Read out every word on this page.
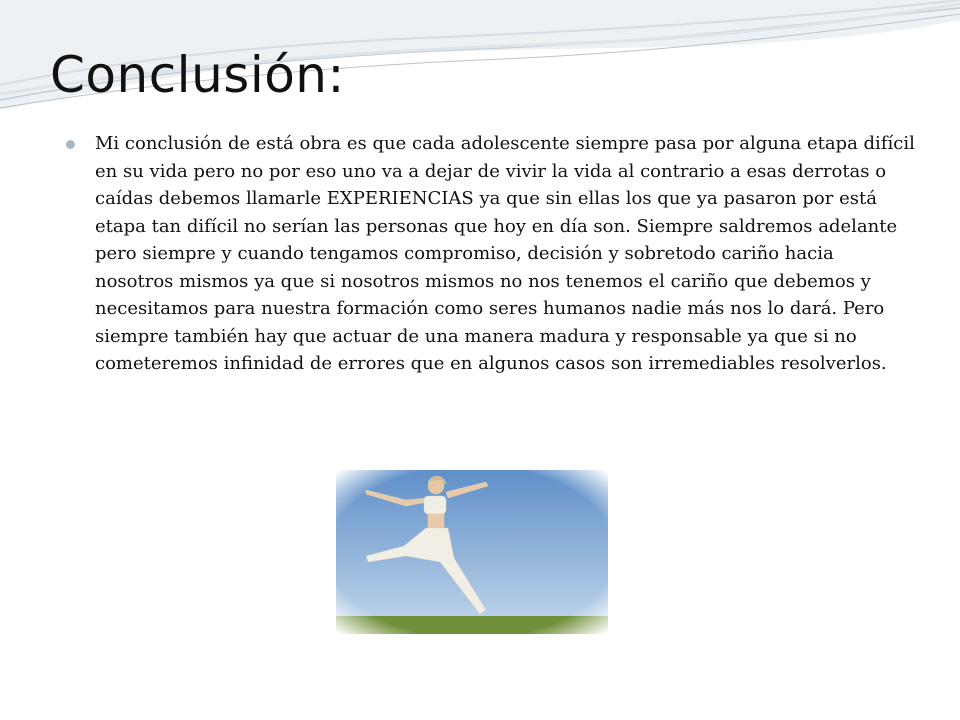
Conclusión:

Mi conclusión de está obra es que cada adolescente siempre pasa por alguna etapa difícil en su vida pero no por eso uno va a dejar de vivir la vida al contrario a esas derrotas o caídas debemos llamarle EXPERIENCIAS ya que sin ellas los que ya pasaron por está etapa tan difícil no serían las personas que hoy en día son. Siempre saldremos adelante pero siempre y cuando tengamos compromiso, decisión y sobretodo cariño hacia nosotros mismos ya que si nosotros mismos no nos tenemos el cariño que debemos y necesitamos para nuestra formación como seres humanos nadie más nos lo dará. Pero siempre también hay que actuar de una manera madura y responsable ya que si no cometeremos infinidad de errores que en algunos casos son irremediables resolverlos.
